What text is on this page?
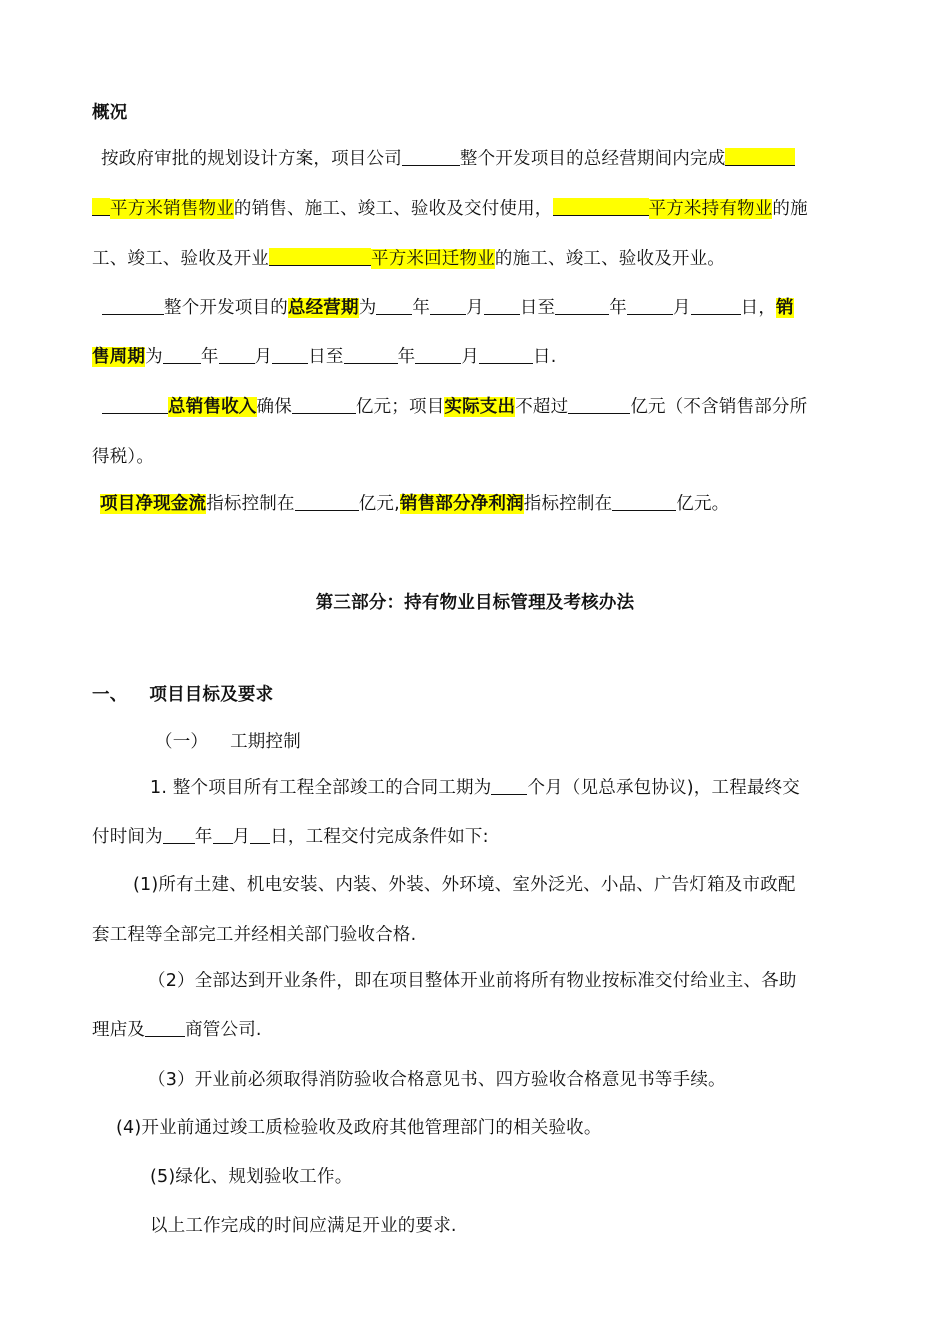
概况
按政府审批的规划设计方案，项目公司	整个开发项目的总经营期间内完成
平方米销售物业的销售、施工、竣工、验收及交付使用，	平方米持有物业的施
工、竣工、验收及开业	平方米回迁物业的施工、竣工、验收及开业。
整个开发项目的总经营期为 年 月 日至	年	月	日，销
售周期为 年 月 日至	年	月	日.
总销售收入确保	亿元；项目实际支出不超过	亿元（不含销售部分所
得税）。
项目净现金流指标控制在	亿元,销售部分净利润指标控制在	亿元。
第三部分：持有物业目标管理及考核办法
一、 项目目标及要求
（一） 工期控制
1. 整个项目所有工程全部竣工的合同工期为 个月（见总承包协议)，工程最终交
付时间为 年 月 日，工程交付完成条件如下:
(1)所有土建、机电安装、内装、外装、外环境、室外泛光、小品、广告灯箱及市政配
套工程等全部完工并经相关部门验收合格.
（2）全部达到开业条件，即在项目整体开业前将所有物业按标准交付给业主、各助
理店及 商管公司.
（3）开业前必须取得消防验收合格意见书、四方验收合格意见书等手续。
(4)开业前通过竣工质检验收及政府其他管理部门的相关验收。
(5)绿化、规划验收工作。
以上工作完成的时间应满足开业的要求.
